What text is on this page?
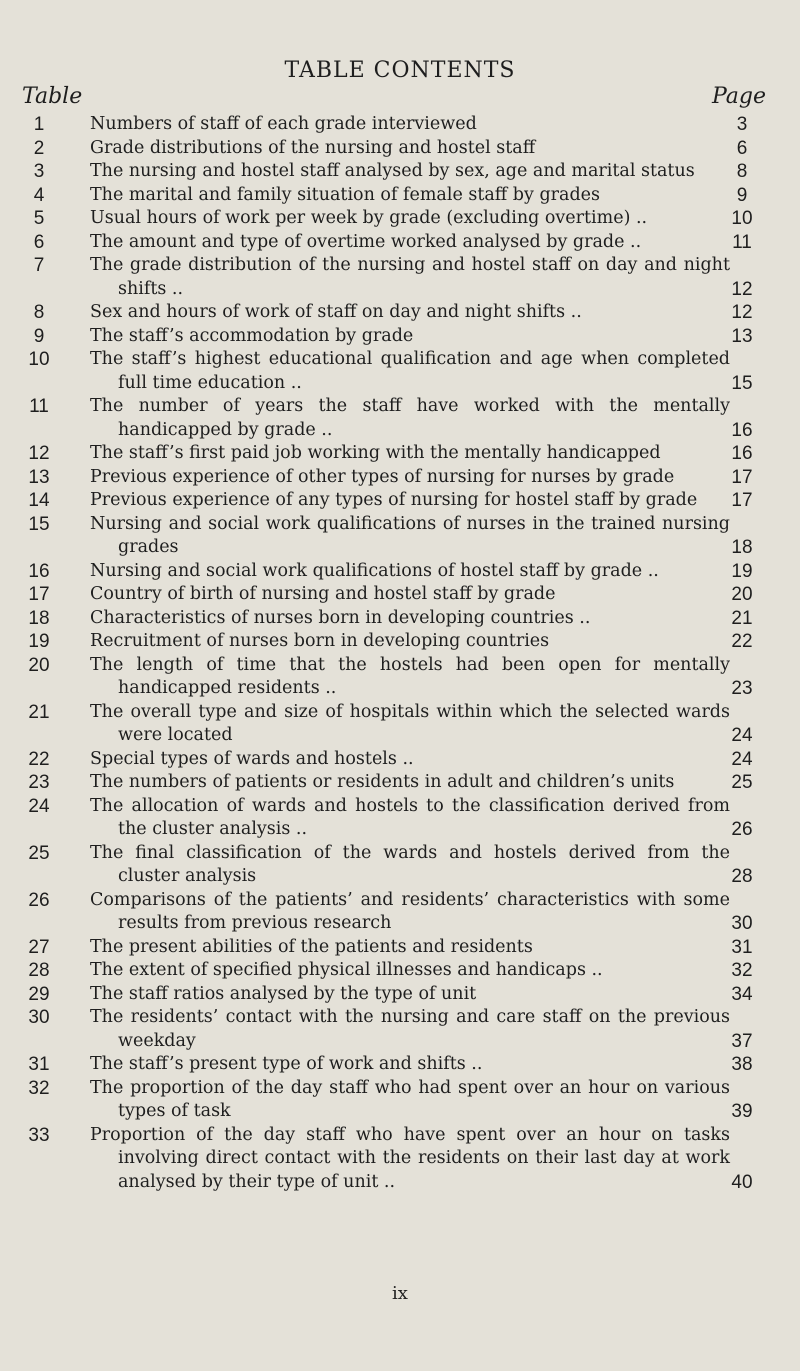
TABLE CONTENTS
Table	Page
1	Numbers of staff of each grade interviewed	3
2	Grade distributions of the nursing and hostel staff	6
3	The nursing and hostel staff analysed by sex, age and marital status	8
4	The marital and family situation of female staff by grades	9
5	Usual hours of work per week by grade (excluding overtime) ..	10
6	The amount and type of overtime worked analysed by grade ..	11
7	The grade distribution of the nursing and hostel staff on day and night shifts ..	12
8	Sex and hours of work of staff on day and night shifts ..	12
9	The staff’s accommodation by grade	13
10	The staff’s highest educational qualification and age when completed full time education ..	15
11	The number of years the staff have worked with the mentally handicapped by grade ..	16
12	The staff’s first paid job working with the mentally handicapped	16
13	Previous experience of other types of nursing for nurses by grade	17
14	Previous experience of any types of nursing for hostel staff by grade	17
15	Nursing and social work qualifications of nurses in the trained nursing grades	18
16	Nursing and social work qualifications of hostel staff by grade ..	19
17	Country of birth of nursing and hostel staff by grade	20
18	Characteristics of nurses born in developing countries ..	21
19	Recruitment of nurses born in developing countries	22
20	The length of time that the hostels had been open for mentally handicapped residents ..	23
21	The overall type and size of hospitals within which the selected wards were located	24
22	Special types of wards and hostels ..	24
23	The numbers of patients or residents in adult and children’s units	25
24	The allocation of wards and hostels to the classification derived from the cluster analysis ..	26
25	The final classification of the wards and hostels derived from the cluster analysis	28
26	Comparisons of the patients’ and residents’ characteristics with some results from previous research	30
27	The present abilities of the patients and residents	31
28	The extent of specified physical illnesses and handicaps ..	32
29	The staff ratios analysed by the type of unit	34
30	The residents’ contact with the nursing and care staff on the previous weekday	37
31	The staff’s present type of work and shifts ..	38
32	The proportion of the day staff who had spent over an hour on various types of task	39
33	Proportion of the day staff who have spent over an hour on tasks involving direct contact with the residents on their last day at work analysed by their type of unit ..	40
ix
